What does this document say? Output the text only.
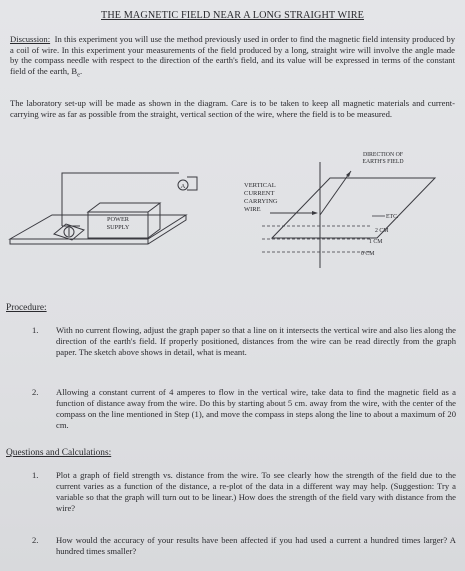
THE MAGNETIC FIELD NEAR A LONG STRAIGHT WIRE
Discussion: In this experiment you will use the method previously used in order to find the magnetic field intensity produced by a coil of wire. In this experiment your measurements of the field produced by a long, straight wire will involve the angle made by the compass needle with respect to the direction of the earth's field, and its value will be expressed in terms of the constant field of the earth, $B_e$.
The laboratory set-up will be made as shown in the diagram. Care is to be taken to keep all magnetic materials and current-carrying wire as far as possible from the straight, vertical section of the wire, where the field is to be measured.
A
POWER
SUPPLY
VERTICAL
CURRENT
CARRYING
WIRE
DIRECTION OF
EARTH'S FIELD
ETC.
2 CM
1 CM
0 CM
Procedure:
1. With no current flowing, adjust the graph paper so that a line on it intersects the vertical wire and also lies along the direction of the earth's field. If properly positioned, distances from the wire can be read directly from the graph paper. The sketch above shows in detail, what is meant.
2. Allowing a constant current of 4 amperes to flow in the vertical wire, take data to find the magnetic field as a function of distance away from the wire. Do this by starting about 5 cm. away from the wire, with the center of the compass on the line mentioned in Step (1), and move the compass in steps along the line to about a maximum of 20 cm.
Questions and Calculations:
1. Plot a graph of field strength vs. distance from the wire. To see clearly how the strength of the field due to the current varies as a function of the distance, a re-plot of the data in a different way may help. (Suggestion: Try a variable so that the graph will turn out to be linear.) How does the strength of the field vary with distance from the wire?
2. How would the accuracy of your results have been affected if you had used a current a hundred times larger? A hundred times smaller?
